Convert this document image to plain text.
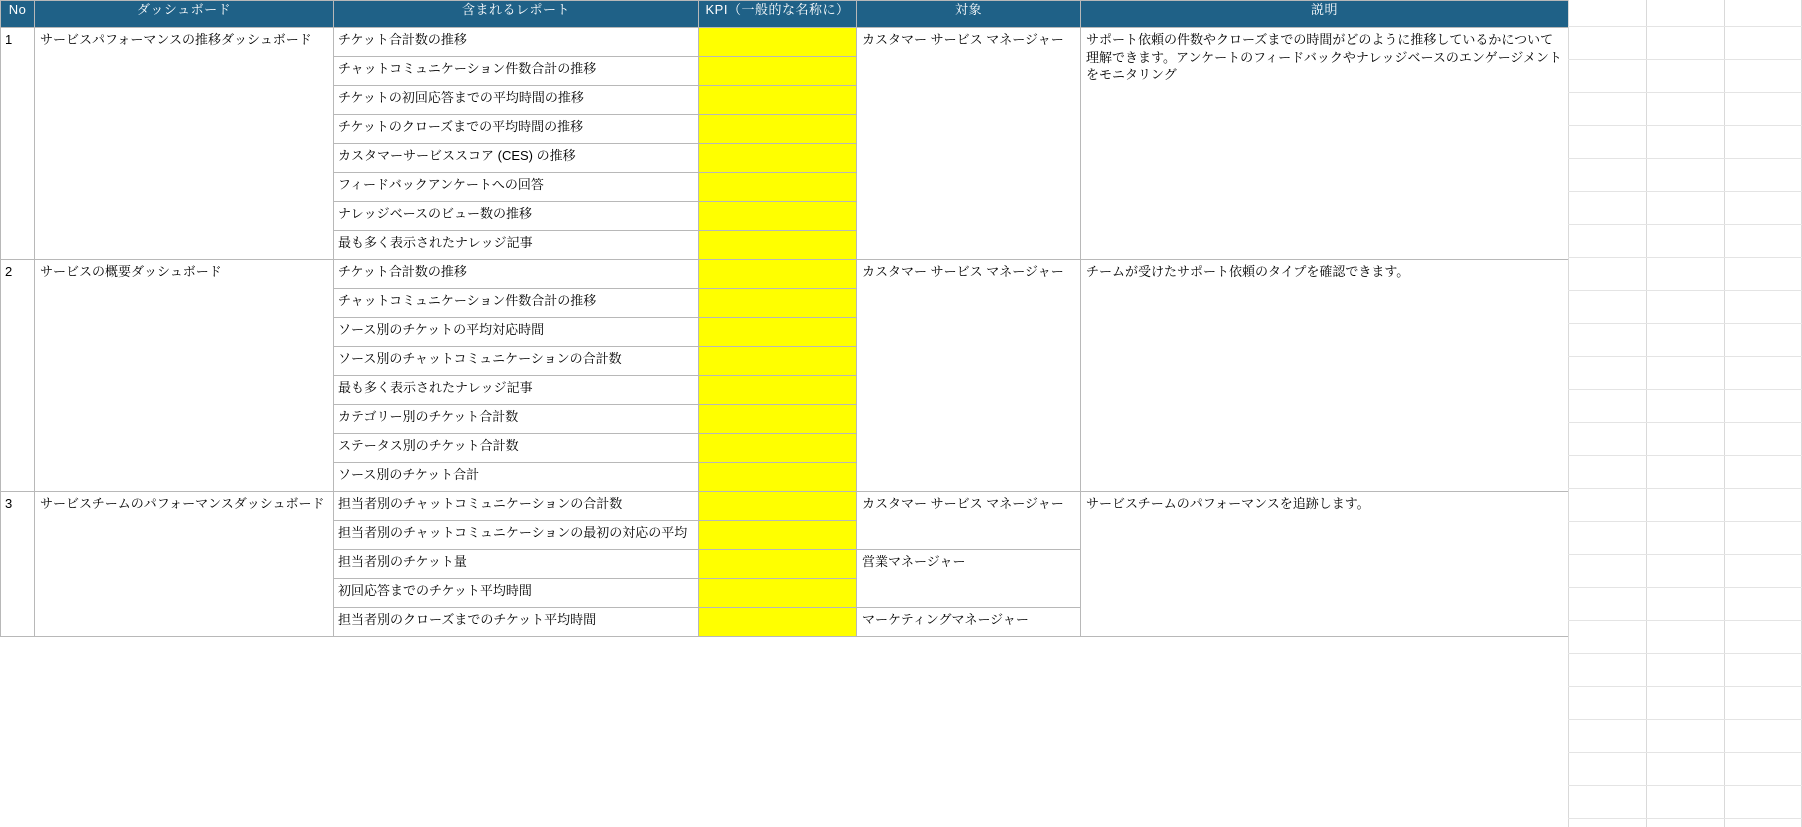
No	ダッシュボード	含まれるレポート	KPI（一般的な名称に）	対象	説明

1	サービスパフォーマンスの推移ダッシュボード	チケット合計数の推移		カスタマー サービス マネージャー	サポート依頼の件数やクローズまでの時間がどのように推移しているかについて理解できます。アンケートのフィードバックやナレッジベースのエンゲージメントをモニタリング

		チャットコミュニケーション件数合計の推移			

		チケットの初回応答までの平均時間の推移			

		チケットのクローズまでの平均時間の推移			

		カスタマーサービススコア (CES) の推移			

		フィードバックアンケートへの回答			

		ナレッジベースのビュー数の推移			

		最も多く表示されたナレッジ記事			

2	サービスの概要ダッシュボード	チケット合計数の推移		カスタマー サービス マネージャー	チームが受けたサポート依頼のタイプを確認できます。

		チャットコミュニケーション件数合計の推移			

		ソース別のチケットの平均対応時間			

		ソース別のチャットコミュニケーションの合計数			

		最も多く表示されたナレッジ記事			

		カテゴリー別のチケット合計数			

		ステータス別のチケット合計数			

		ソース別のチケット合計			

3	サービスチームのパフォーマンスダッシュボード	担当者別のチャットコミュニケーションの合計数		カスタマー サービス マネージャー	サービスチームのパフォーマンスを追跡します。

		担当者別のチャットコミュニケーションの最初の対応の平均			

		担当者別のチケット量		営業マネージャー	

		初回応答までのチケット平均時間			

		担当者別のクローズまでのチケット平均時間		マーケティングマネージャー	
